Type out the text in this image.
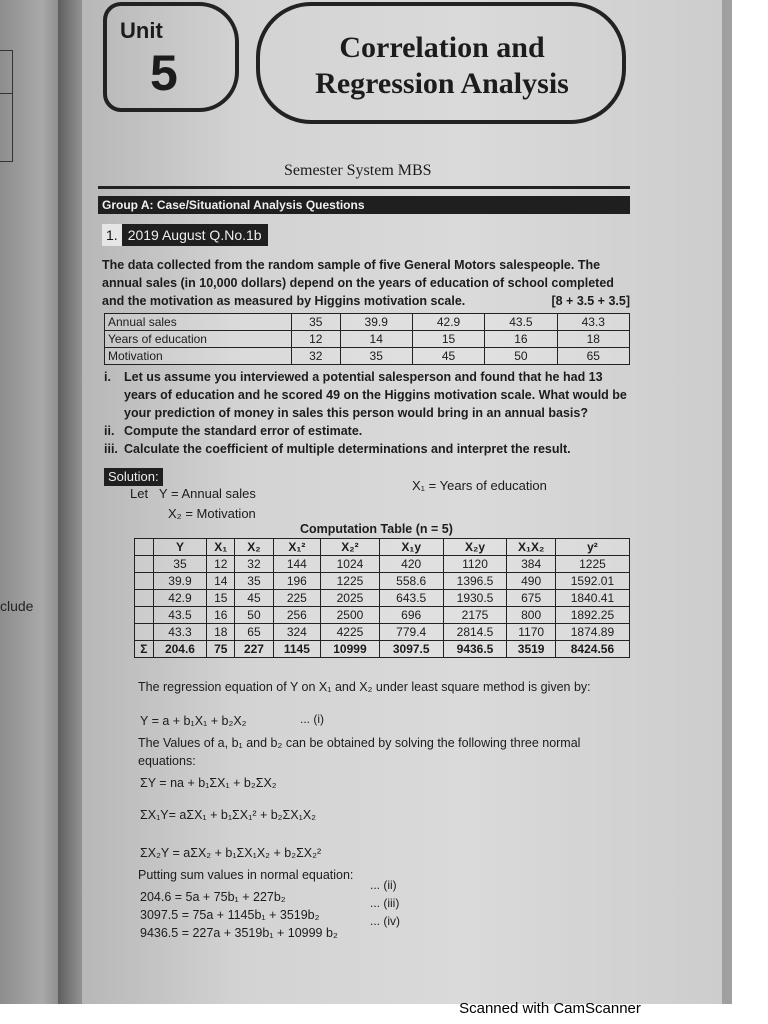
clude
Unit
5	Correlation and
Regression Analysis
Semester System MBS
Group A: Case/Situational Analysis Questions
1. 2019 August Q.No.1b
The data collected from the random sample of five General Motors salespeople. The annual sales (in 10,000 dollars) depend on the years of education of school completed and the motivation as measured by Higgins motivation scale.	[8 + 3.5 + 3.5]
Annual sales	35	39.9	42.9	43.5	43.3
Years of education	12	14	15	16	18
Motivation	32	35	45	50	65
i. Let us assume you interviewed a potential salesperson and found that he had 13 years of education and he scored 49 on the Higgins motivation scale. What would be your prediction of money in sales this person would bring in an annual basis?
ii. Compute the standard error of estimate.
iii. Calculate the coefficient of multiple determinations and interpret the result.
Solution:
Let Y = Annual sales
X₂ = Motivation
X₁ = Years of education
Computation Table (n = 5)
	Y	X₁	X₂	X₁²	X₂²	X₁y	X₂y	X₁X₂	y²
	35	12	32	144	1024	420	1120	384	1225
	39.9	14	35	196	1225	558.6	1396.5	490	1592.01
	42.9	15	45	225	2025	643.5	1930.5	675	1840.41
	43.5	16	50	256	2500	696	2175	800	1892.25
	43.3	18	65	324	4225	779.4	2814.5	1170	1874.89
Σ	204.6	75	227	1145	10999	3097.5	9436.5	3519	8424.56
The regression equation of Y on X₁ and X₂ under least square method is given by:
Y = a + b₁X₁ + b₂X₂	... (i)
The Values of a, b₁ and b₂ can be obtained by solving the following three normal equations:
ΣY = na + b₁ΣX₁ + b₂ΣX₂
ΣX₁Y= aΣX₁ + b₁ΣX₁² + b₂ΣX₁X₂
ΣX₂Y = aΣX₂ + b₁ΣX₁X₂ + b₂ΣX₂²
Putting sum values in normal equation:
204.6 = 5a + 75b₁ + 227b₂
... (ii)
3097.5 = 75a + 1145b₁ + 3519b₂
... (iii)
9436.5 = 227a + 3519b₁ + 10999 b₂
... (iv)
Scanned with CamScanner
